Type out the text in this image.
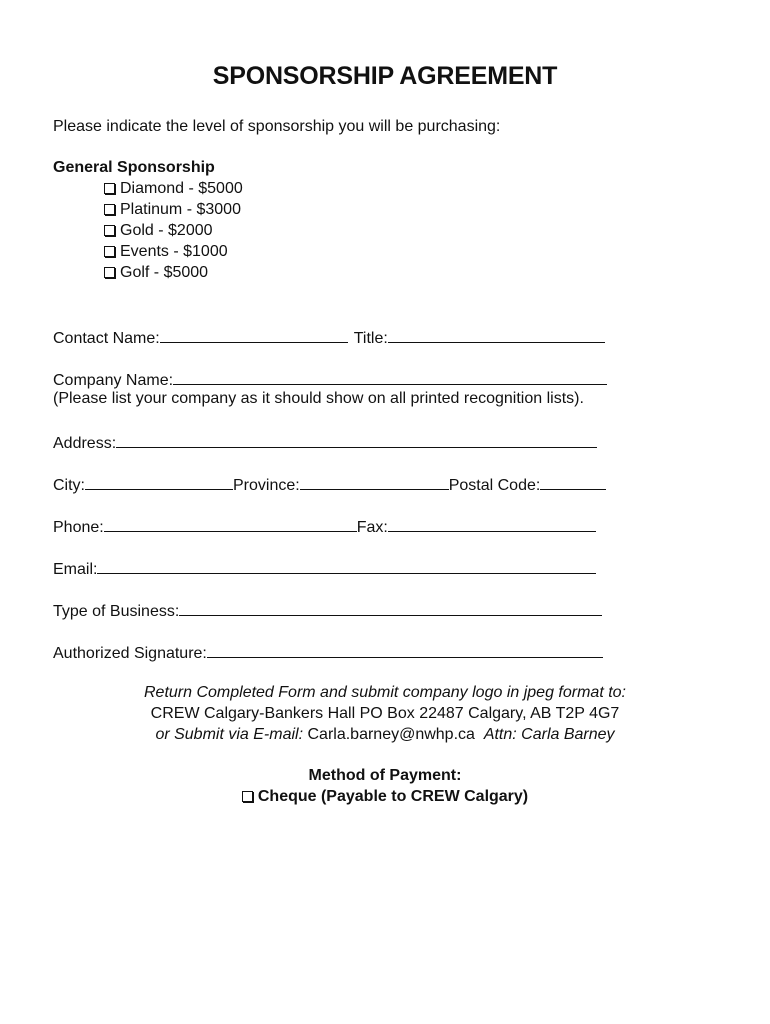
SPONSORSHIP AGREEMENT
Please indicate the level of sponsorship you will be purchasing:
General Sponsorship
Diamond - $5000
Platinum - $3000
Gold - $2000
Events - $1000
Golf - $5000
Contact Name:	Title:
Company Name:
(Please list your company as it should show on all printed recognition lists).
Address:
City:	Province:	Postal Code:
Phone:	Fax:
Email:
Type of Business:
Authorized Signature:
Return Completed Form and submit company logo in jpeg format to:
CREW Calgary-Bankers Hall PO Box 22487 Calgary, AB T2P 4G7
or Submit via E-mail: Carla.barney@nwhp.ca Attn: Carla Barney
Method of Payment:
Cheque (Payable to CREW Calgary)
